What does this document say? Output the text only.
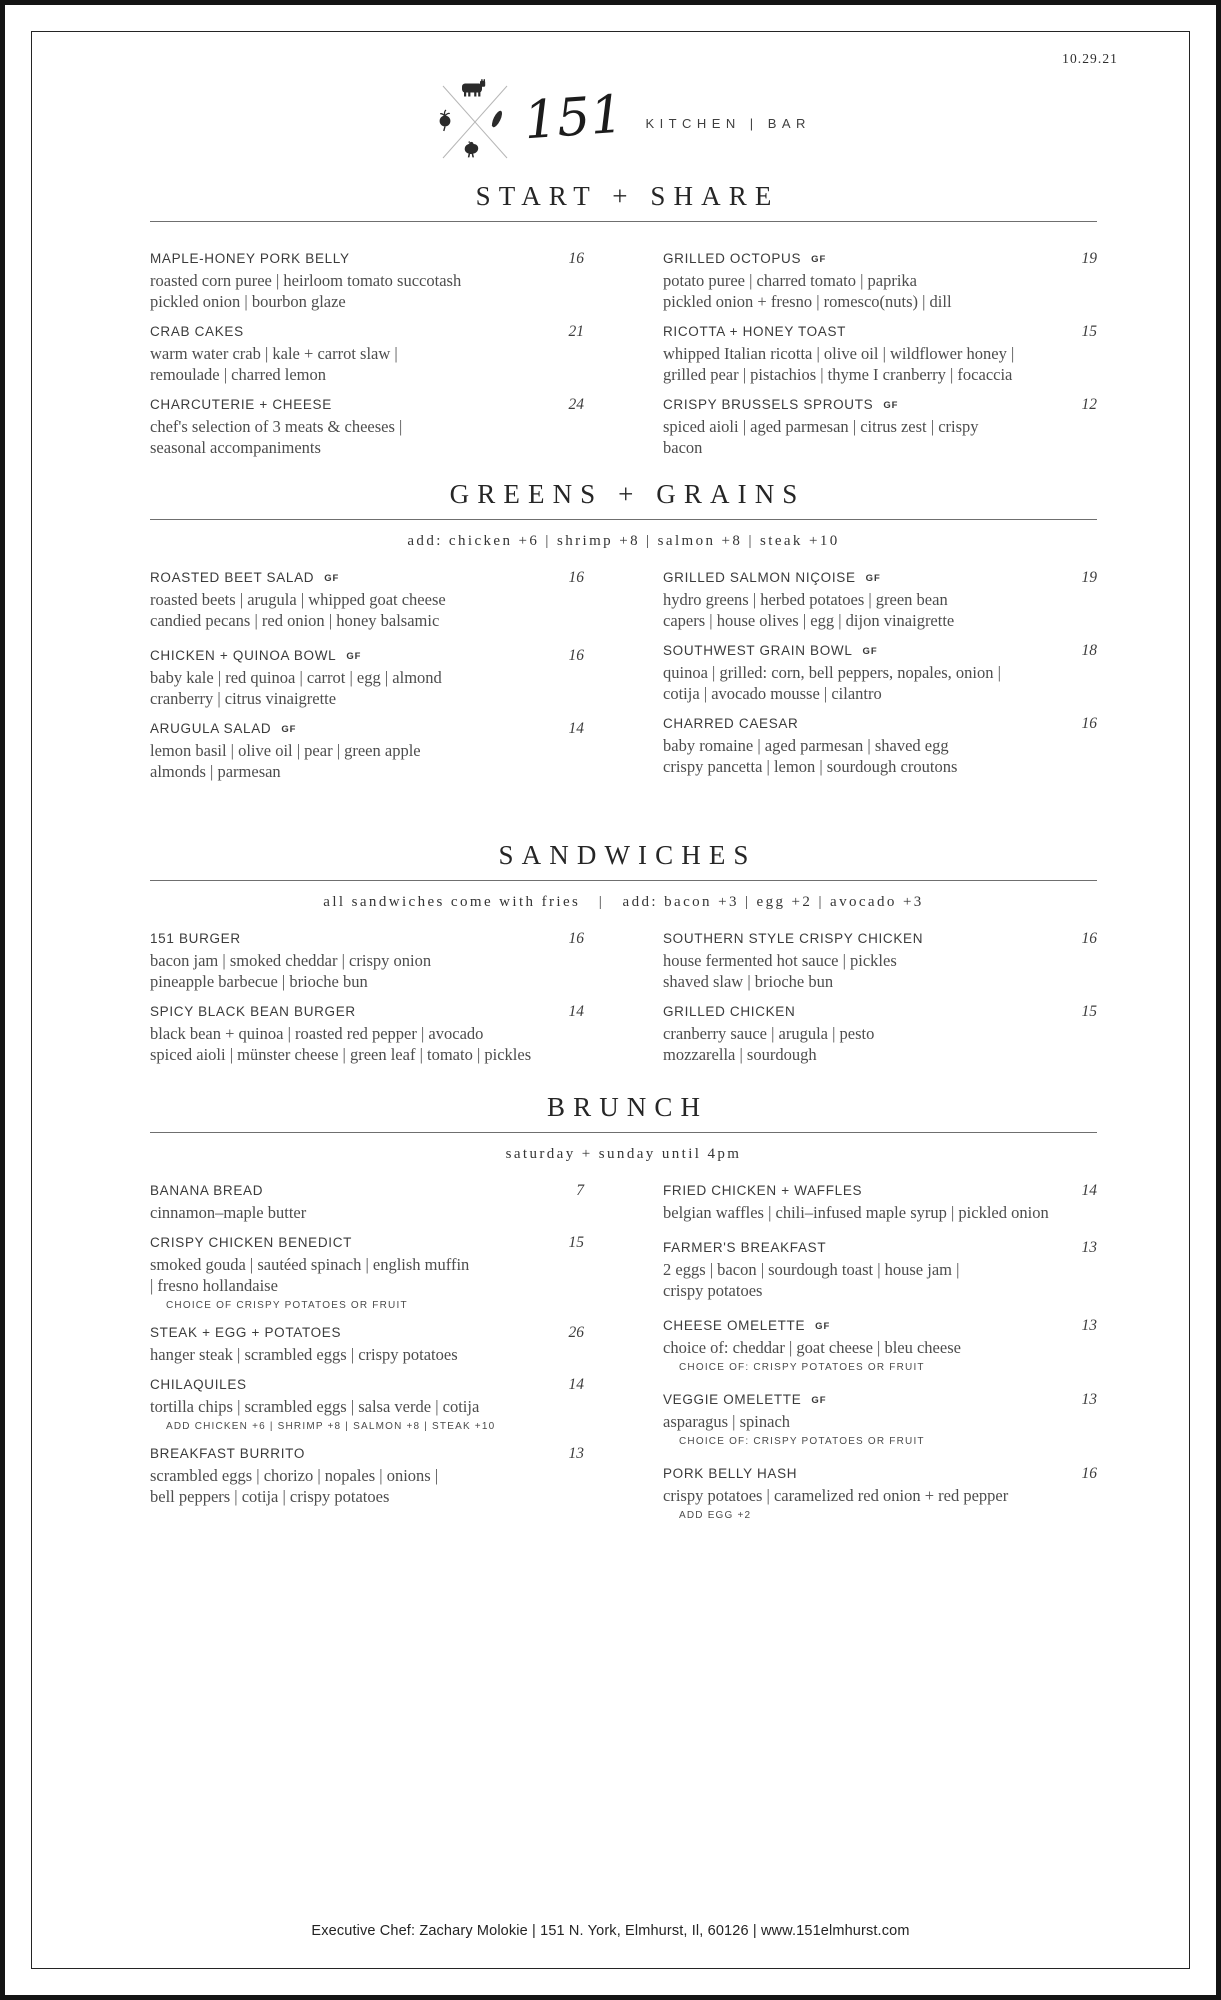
10.29.21
151 KITCHEN | BAR
START + SHARE
MAPLE-HONEY PORK BELLY	16
roasted corn puree | heirloom tomato succotash
pickled onion | bourbon glaze
CRAB CAKES	21
warm water crab | kale + carrot slaw |
remoulade | charred lemon
CHARCUTERIE + CHEESE	24
chef's selection of 3 meats & cheeses |
seasonal accompaniments
GRILLED OCTOPUS GF	19
potato puree | charred tomato | paprika
pickled onion + fresno | romesco(nuts) | dill
RICOTTA + HONEY TOAST	15
whipped Italian ricotta | olive oil | wildflower honey |
grilled pear | pistachios | thyme I cranberry | focaccia
CRISPY BRUSSELS SPROUTS GF	12
spiced aioli | aged parmesan | citrus zest | crispy
bacon
GREENS + GRAINS
add: chicken +6 | shrimp +8 | salmon +8 | steak +10
ROASTED BEET SALAD GF	16
roasted beets | arugula | whipped goat cheese
candied pecans | red onion | honey balsamic
CHICKEN + QUINOA BOWL GF	16
baby kale | red quinoa | carrot | egg | almond
cranberry | citrus vinaigrette
ARUGULA SALAD GF	14
lemon basil | olive oil | pear | green apple
almonds | parmesan
GRILLED SALMON NIÇOISE GF	19
hydro greens | herbed potatoes | green bean
capers | house olives | egg | dijon vinaigrette
SOUTHWEST GRAIN BOWL GF	18
quinoa | grilled: corn, bell peppers, nopales, onion |
cotija | avocado mousse | cilantro
CHARRED CAESAR	16
baby romaine | aged parmesan | shaved egg
crispy pancetta | lemon | sourdough croutons
SANDWICHES
all sandwiches come with fries   |   add: bacon +3 | egg +2 | avocado +3
151 BURGER	16
bacon jam | smoked cheddar | crispy onion
pineapple barbecue | brioche bun
SPICY BLACK BEAN BURGER	14
black bean + quinoa | roasted red pepper | avocado
spiced aioli | münster cheese | green leaf | tomato | pickles
SOUTHERN STYLE CRISPY CHICKEN	16
house fermented hot sauce | pickles
shaved slaw | brioche bun
GRILLED CHICKEN	15
cranberry sauce | arugula | pesto
mozzarella | sourdough
BRUNCH
saturday + sunday until 4pm
BANANA BREAD	7
cinnamon–maple butter
CRISPY CHICKEN BENEDICT	15
smoked gouda | sautéed spinach | english muffin
| fresno hollandaise
CHOICE OF CRISPY POTATOES OR FRUIT
STEAK + EGG + POTATOES	26
hanger steak | scrambled eggs | crispy potatoes
CHILAQUILES	14
tortilla chips | scrambled eggs | salsa verde | cotija
ADD CHICKEN +6 | SHRIMP +8 | SALMON +8 | STEAK +10
BREAKFAST BURRITO	13
scrambled eggs | chorizo | nopales | onions |
bell peppers | cotija | crispy potatoes
FRIED CHICKEN + WAFFLES	14
belgian waffles | chili–infused maple syrup | pickled onion
FARMER'S BREAKFAST	13
2 eggs | bacon | sourdough toast | house jam |
crispy potatoes
CHEESE OMELETTE GF	13
choice of: cheddar | goat cheese | bleu cheese
CHOICE OF: CRISPY POTATOES OR FRUIT
VEGGIE OMELETTE GF	13
asparagus | spinach
CHOICE OF: CRISPY POTATOES OR FRUIT
PORK BELLY HASH	16
crispy potatoes | caramelized red onion + red pepper
ADD EGG +2
Executive Chef: Zachary Molokie | 151 N. York, Elmhurst, Il, 60126 | www.151elmhurst.com
